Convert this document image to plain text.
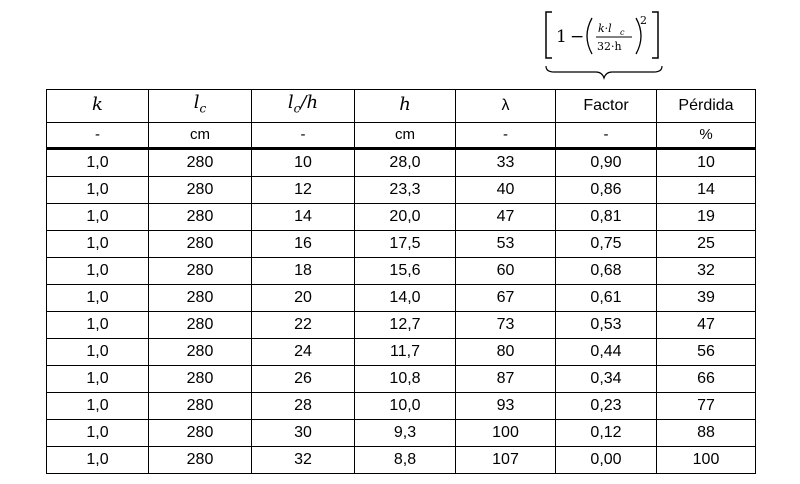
1 − k·l c
32·h
2
k	$l_c$	$l_c/h$	h	λ	Factor	Pérdida
-	cm	-	cm	-	-	%
1,0	280	10	28,0	33	0,90	10
1,0	280	12	23,3	40	0,86	14
1,0	280	14	20,0	47	0,81	19
1,0	280	16	17,5	53	0,75	25
1,0	280	18	15,6	60	0,68	32
1,0	280	20	14,0	67	0,61	39
1,0	280	22	12,7	73	0,53	47
1,0	280	24	11,7	80	0,44	56
1,0	280	26	10,8	87	0,34	66
1,0	280	28	10,0	93	0,23	77
1,0	280	30	9,3	100	0,12	88
1,0	280	32	8,8	107	0,00	100
